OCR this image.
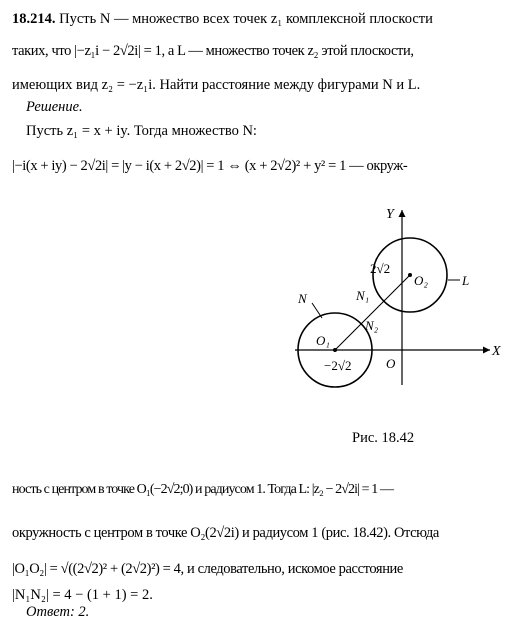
18.214. Пусть N — множество всех точек z₁ комплексной плоскости
таких, что |−z₁i − 2√2i| = 1, а L — множество точек z₂ этой плоскости,
имеющих вид z₂ = −z₁i. Найти расстояние между фигурами N и L.
Решение.
Пусть z₁ = x + iy. Тогда множество N:
|−i(x + iy) − 2√2i| = |y − i(x + 2√2)| = 1 ⇔ (x + 2√2)² + y² = 1 — окруж-
Y
X
O
O₁
O₂
N
L
N₁
N₂
2√2
−2√2
Рис. 18.42
ность с центром в точке O₁(−2√2;0) и радиусом 1. Тогда L: |z₂ − 2√2i| = 1 —
окружность с центром в точке O₂(2√2i) и радиусом 1 (рис. 18.42). Отсюда
|O₁O₂| = √((2√2)² + (2√2)²) = 4, и следовательно, искомое расстояние
|N₁N₂| = 4 − (1 + 1) = 2.
Ответ: 2.
